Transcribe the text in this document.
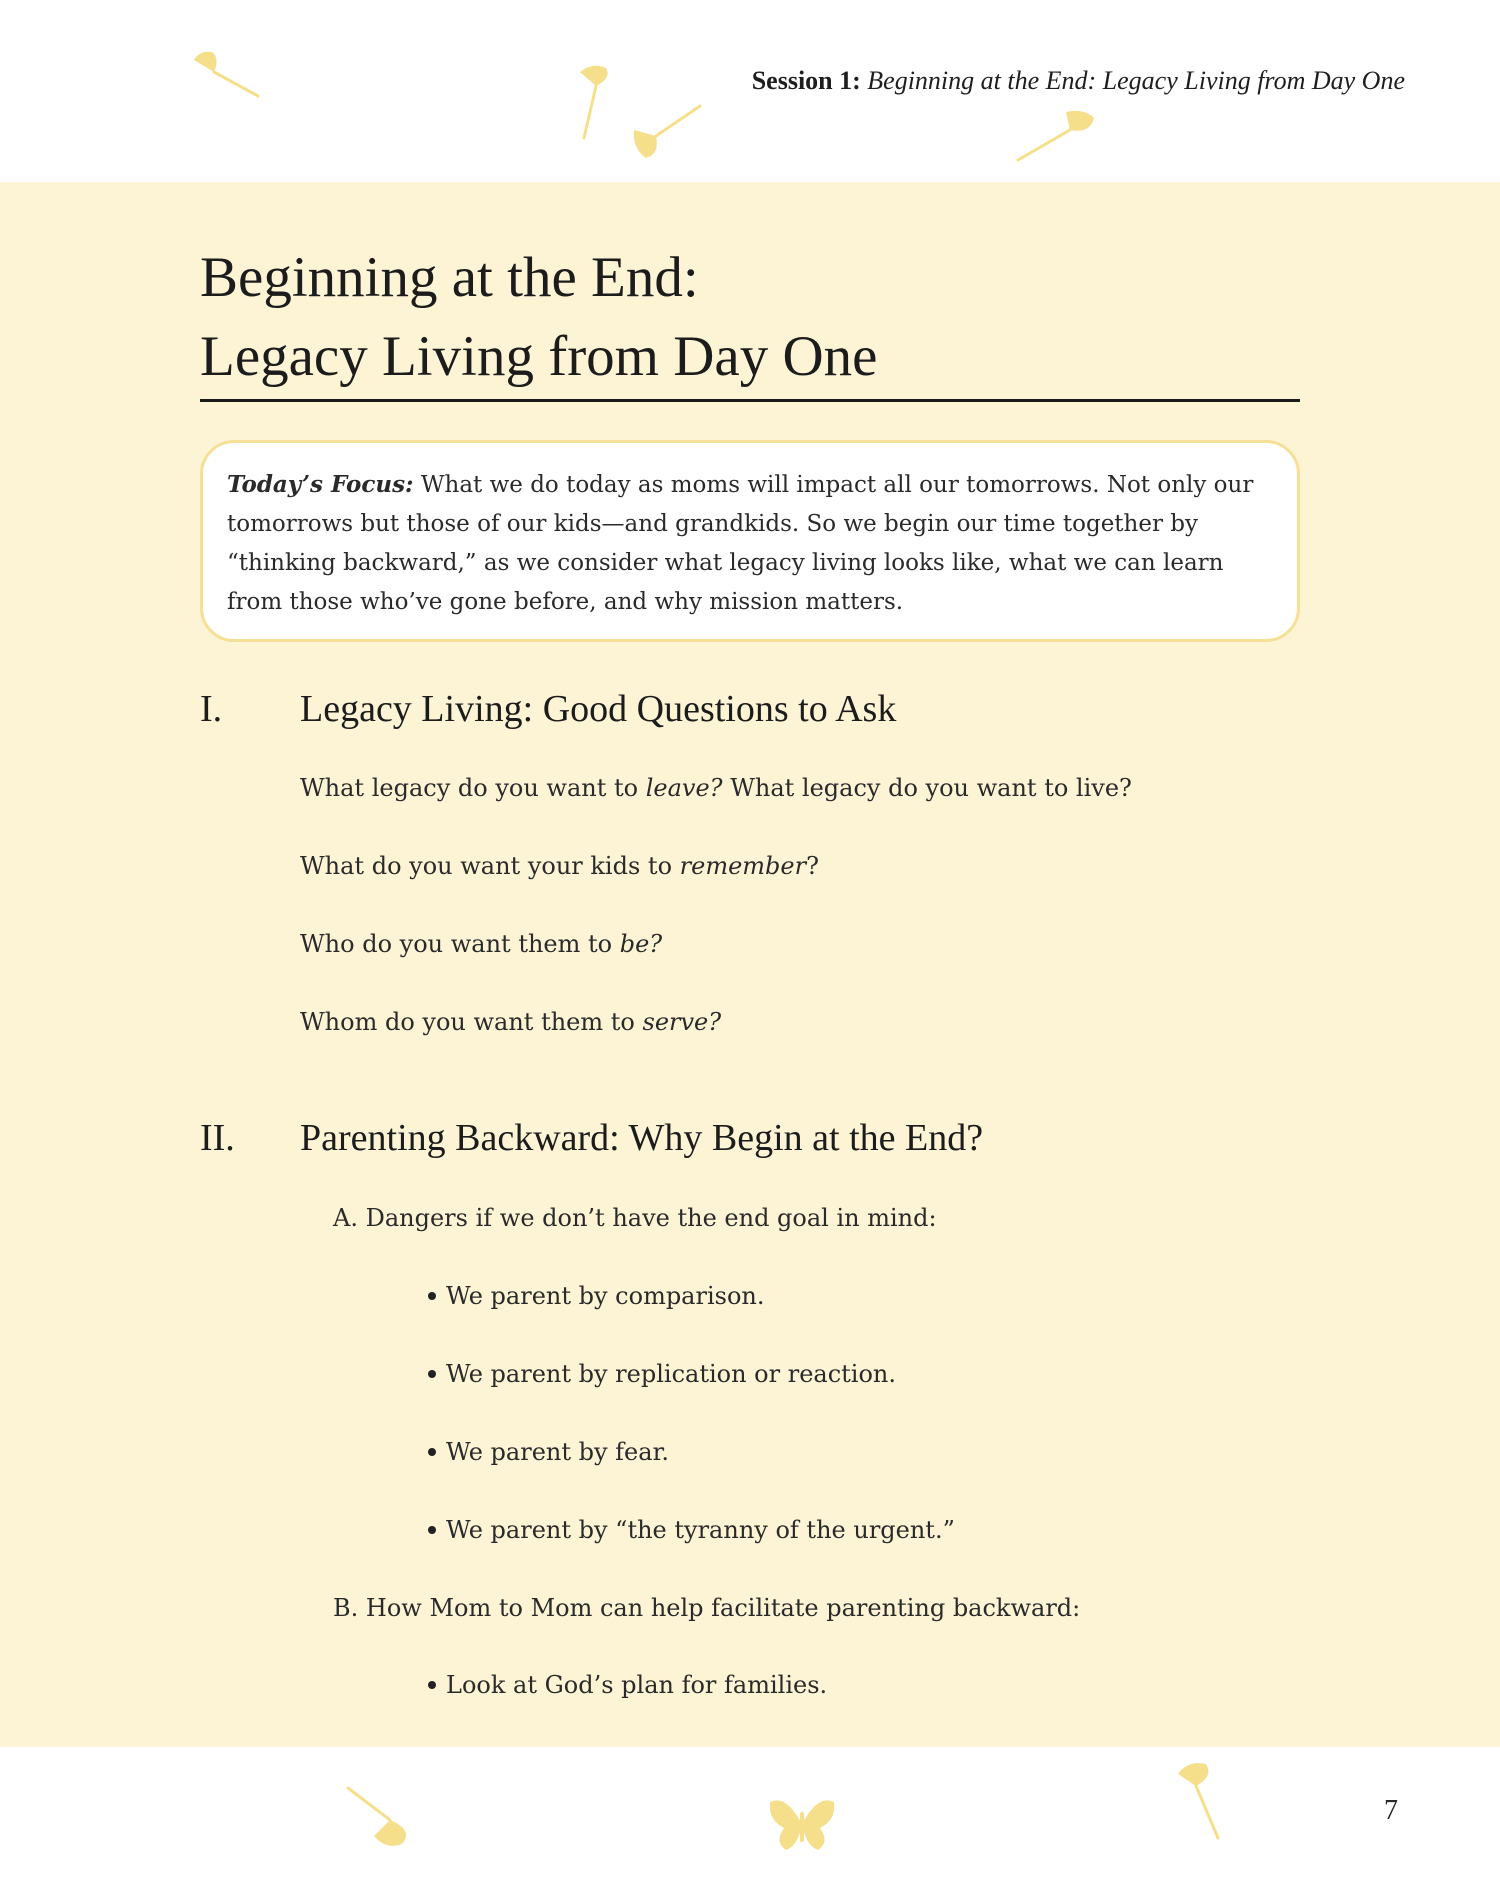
Session 1: Beginning at the End: Legacy Living from Day One
Beginning at the End:
Legacy Living from Day One
Today’s Focus: What we do today as moms will impact all our tomorrows. Not only our tomorrows but those of our kids—and grandkids. So we begin our time together by “thinking backward,” as we consider what legacy living looks like, what we can learn from those who’ve gone before, and why mission matters.
I. Legacy Living: Good Questions to Ask
What legacy do you want to leave? What legacy do you want to live?
What do you want your kids to remember?
Who do you want them to be?
Whom do you want them to serve?
II. Parenting Backward: Why Begin at the End?
A. Dangers if we don’t have the end goal in mind:
We parent by comparison.
We parent by replication or reaction.
We parent by fear.
We parent by “the tyranny of the urgent.”
B. How Mom to Mom can help facilitate parenting backward:
Look at God’s plan for families.
7
